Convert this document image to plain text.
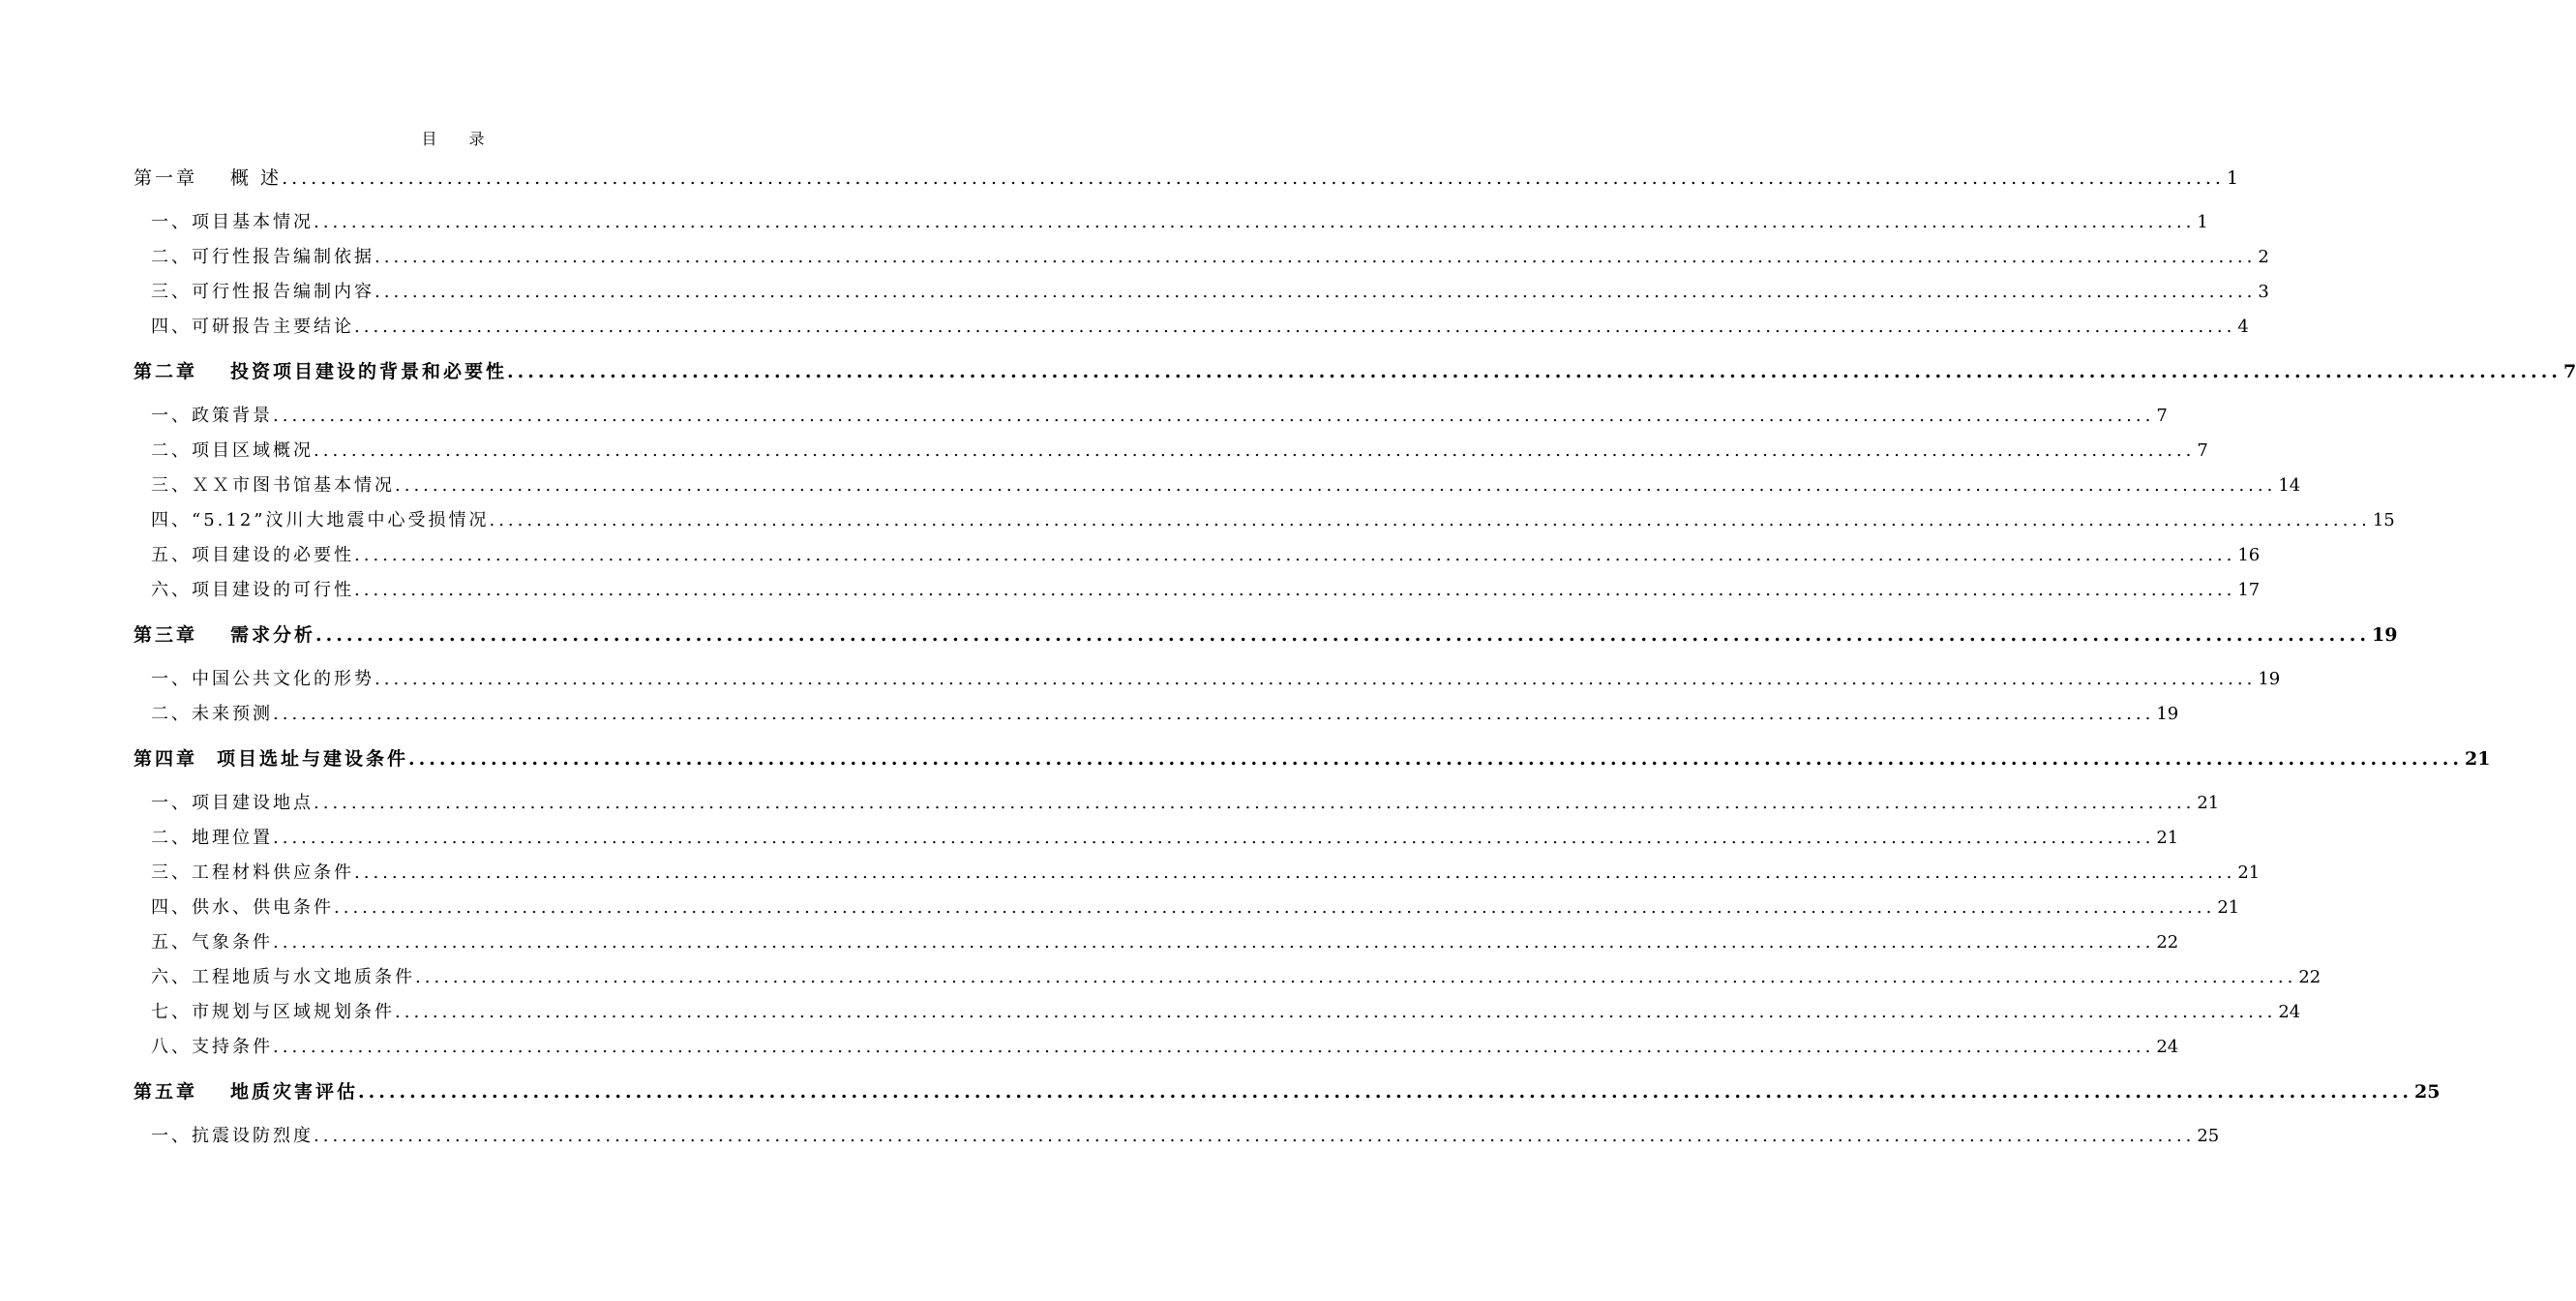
目 录
第一章 概 述 ........................................................................................................................................................................................................ 1
一、项目基本情况 ........................................................................................................................................................................................................ 1
二、可行性报告编制依据 ........................................................................................................................................................................................................ 2
三、可行性报告编制内容 ........................................................................................................................................................................................................ 3
四、可研报告主要结论 ........................................................................................................................................................................................................ 4
第二章 投资项目建设的背景和必要性 ........................................................................................................................................................................................................ 7
一、政策背景 ........................................................................................................................................................................................................ 7
二、项目区域概况 ........................................................................................................................................................................................................ 7
三、ＸＸ市图书馆基本情况 ........................................................................................................................................................................................................ 14
四、“5.12”汶川大地震中心受损情况 ........................................................................................................................................................................................................ 15
五、项目建设的必要性 ........................................................................................................................................................................................................ 16
六、项目建设的可行性 ........................................................................................................................................................................................................ 17
第三章 需求分析 ........................................................................................................................................................................................................ 19
一、中国公共文化的形势 ........................................................................................................................................................................................................ 19
二、未来预测 ........................................................................................................................................................................................................ 19
第四章 项目选址与建设条件 ........................................................................................................................................................................................................ 21
一、项目建设地点 ........................................................................................................................................................................................................ 21
二、地理位置 ........................................................................................................................................................................................................ 21
三、工程材料供应条件 ........................................................................................................................................................................................................ 21
四、供水、供电条件 ........................................................................................................................................................................................................ 21
五、气象条件 ........................................................................................................................................................................................................ 22
六、工程地质与水文地质条件 ........................................................................................................................................................................................................ 22
七、市规划与区域规划条件 ........................................................................................................................................................................................................ 24
八、支持条件 ........................................................................................................................................................................................................ 24
第五章 地质灾害评估 ........................................................................................................................................................................................................ 25
一、抗震设防烈度 ........................................................................................................................................................................................................ 25
